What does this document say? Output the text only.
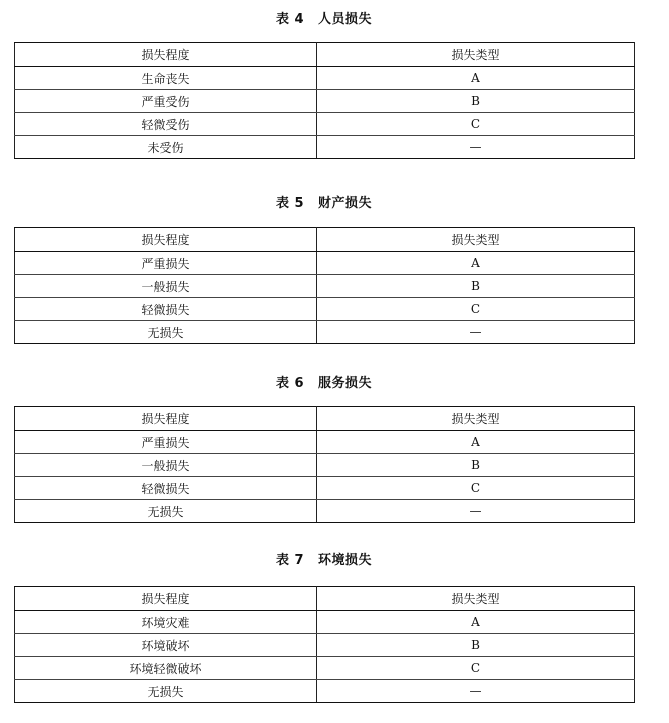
表 4 人员损失
损失程度	损失类型
生命丧失	A
严重受伤	B
轻微受伤	C
未受伤	—
表 5 财产损失
损失程度	损失类型
严重损失	A
一般损失	B
轻微损失	C
无损失	—
表 6 服务损失
损失程度	损失类型
严重损失	A
一般损失	B
轻微损失	C
无损失	—
表 7 环境损失
损失程度	损失类型
环境灾难	A
环境破坏	B
环境轻微破坏	C
无损失	—
